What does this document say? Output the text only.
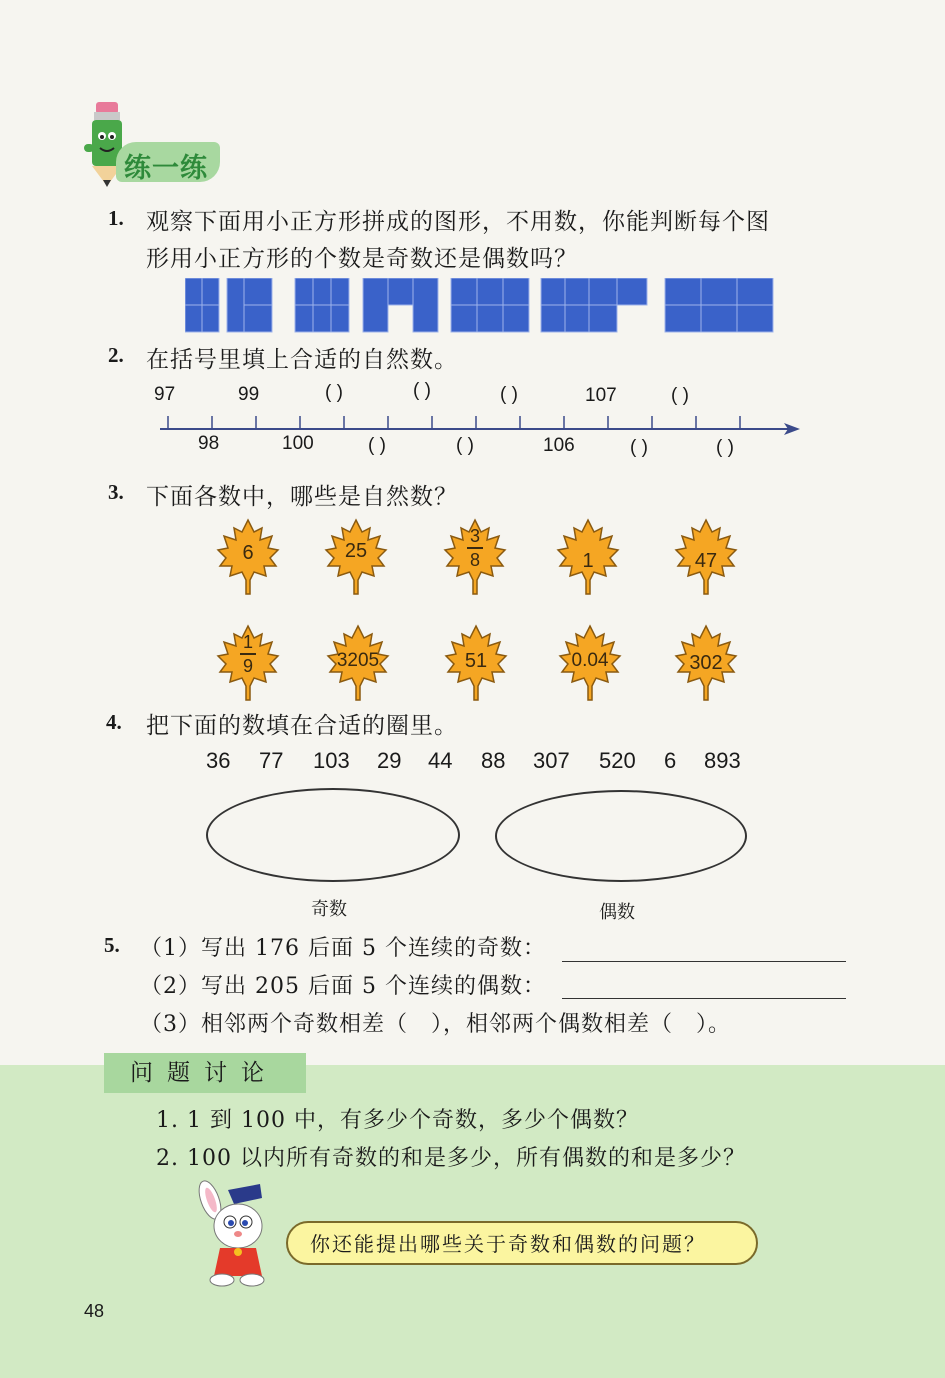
练一练
1. 观察下面用小正方形拼成的图形，不用数，你能判断每个图
形用小正方形的个数是奇数还是偶数吗？
2. 在括号里填上合适的自然数。
97	99	( )	( )	( )	107	( )
98	100	( )	( )	106	( )	( )
3. 下面各数中，哪些是自然数？
6	25
3
8	1	47
1
9	3205	51	0.04	302
4. 把下面的数填在合适的圈里。
36 77 103 29 44 88 307 520 6 893
奇数	偶数
5. （1）写出 176 后面 5 个连续的奇数：
（2）写出 205 后面 5 个连续的偶数：
（3）相邻两个奇数相差（　），相邻两个偶数相差（　）。
问题讨论
1. 1 到 100 中，有多少个奇数，多少个偶数？
2. 100 以内所有奇数的和是多少，所有偶数的和是多少？
你还能提出哪些关于奇数和偶数的问题？
48
